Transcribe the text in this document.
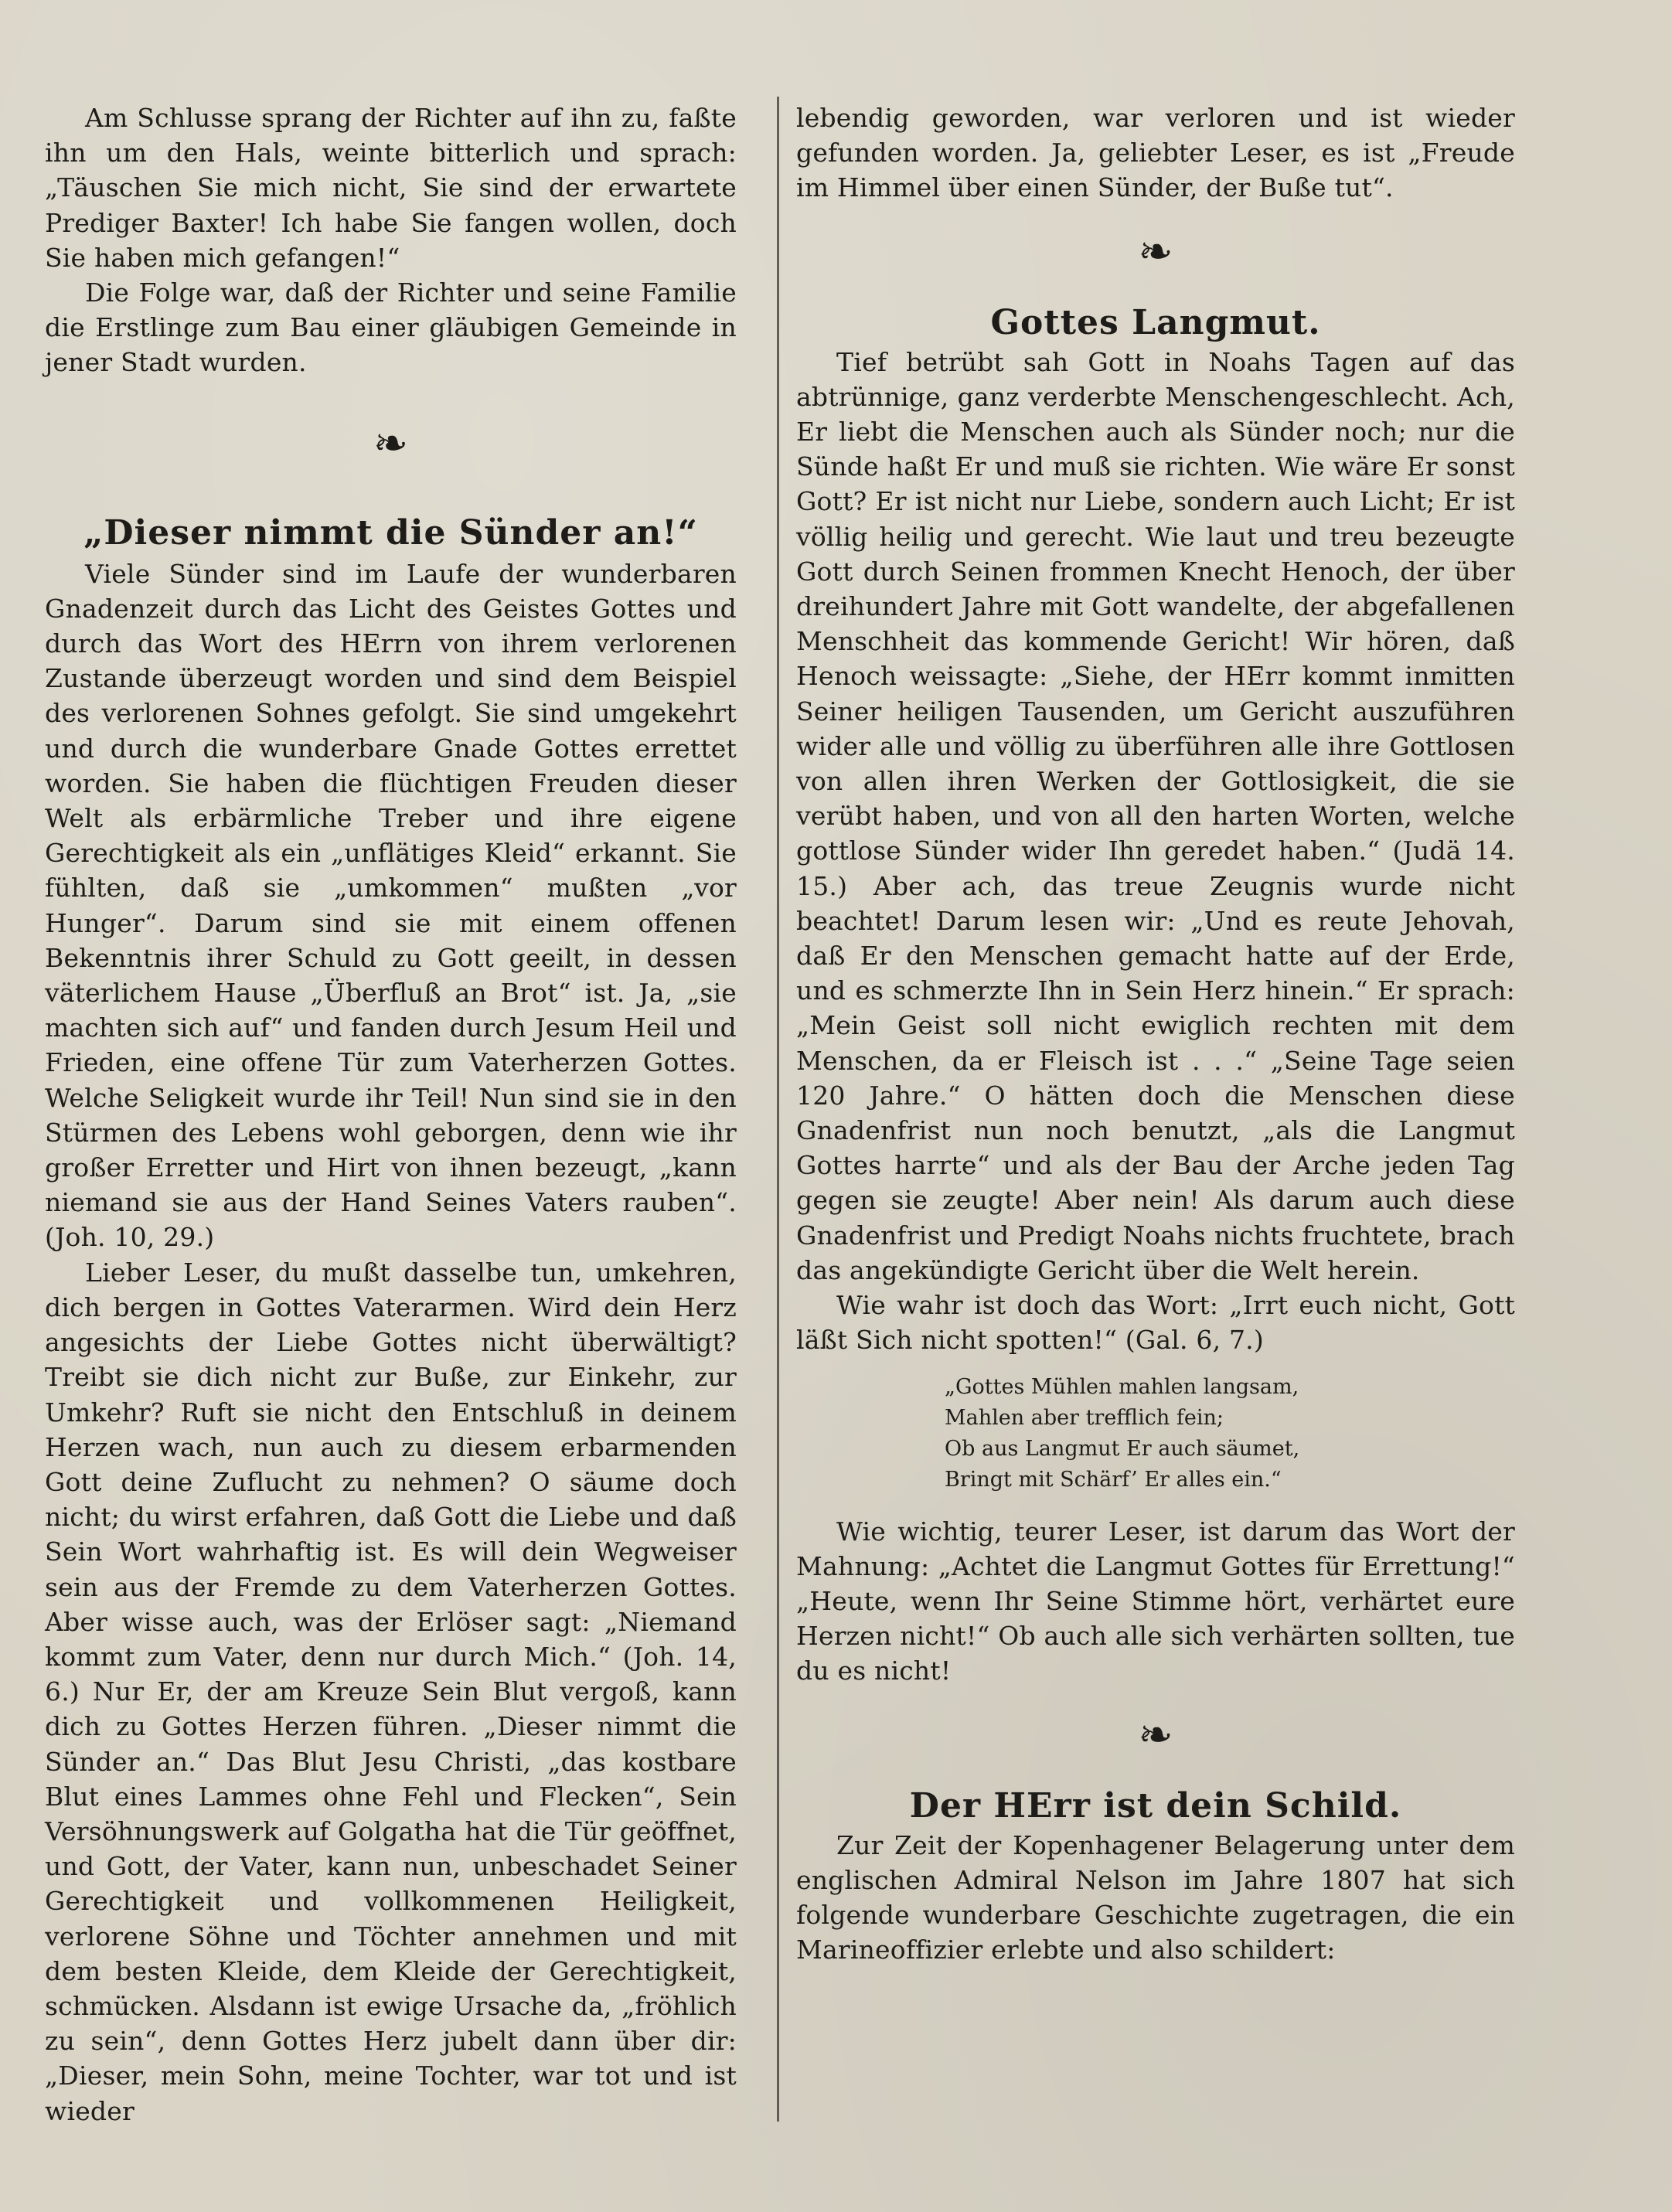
Am Schlusse sprang der Richter auf ihn zu, faßte ihn um den Hals, weinte bitterlich und sprach: „Täuschen Sie mich nicht, Sie sind der erwartete Prediger Baxter! Ich habe Sie fangen wollen, doch Sie haben mich gefangen!“

Die Folge war, daß der Richter und seine Familie die Erstlinge zum Bau einer gläubigen Gemeinde in jener Stadt wurden.

❧
„Dieser nimmt die Sünder an!“

Viele Sünder sind im Laufe der wunderbaren Gnadenzeit durch das Licht des Geistes Gottes und durch das Wort des HErrn von ihrem verlorenen Zustande überzeugt worden und sind dem Beispiel des verlorenen Sohnes gefolgt. Sie sind umgekehrt und durch die wunderbare Gnade Gottes errettet worden. Sie haben die flüchtigen Freuden dieser Welt als erbärmliche Treber und ihre eigene Gerechtigkeit als ein „unflätiges Kleid“ erkannt. Sie fühlten, daß sie „umkommen“ mußten „vor Hunger“. Darum sind sie mit einem offenen Bekenntnis ihrer Schuld zu Gott geeilt, in dessen väterlichem Hause „Überfluß an Brot“ ist. Ja, „sie machten sich auf“ und fanden durch Jesum Heil und Frieden, eine offene Tür zum Vaterherzen Gottes. Welche Seligkeit wurde ihr Teil! Nun sind sie in den Stürmen des Lebens wohl geborgen, denn wie ihr großer Erretter und Hirt von ihnen bezeugt, „kann niemand sie aus der Hand Seines Vaters rauben“. (Joh. 10, 29.)

Lieber Leser, du mußt dasselbe tun, umkehren, dich bergen in Gottes Vaterarmen. Wird dein Herz angesichts der Liebe Gottes nicht überwältigt? Treibt sie dich nicht zur Buße, zur Einkehr, zur Umkehr? Ruft sie nicht den Entschluß in deinem Herzen wach, nun auch zu diesem erbarmenden Gott deine Zuflucht zu nehmen? O säume doch nicht; du wirst erfahren, daß Gott die Liebe und daß Sein Wort wahrhaftig ist. Es will dein Wegweiser sein aus der Fremde zu dem Vaterherzen Gottes. Aber wisse auch, was der Erlöser sagt: „Niemand kommt zum Vater, denn nur durch Mich.“ (Joh. 14, 6.) Nur Er, der am Kreuze Sein Blut vergoß, kann dich zu Gottes Herzen führen. „Dieser nimmt die Sünder an.“ Das Blut Jesu Christi, „das kostbare Blut eines Lammes ohne Fehl und Flecken“, Sein Versöhnungswerk auf Golgatha hat die Tür geöffnet, und Gott, der Vater, kann nun, unbeschadet Seiner Gerechtigkeit und vollkommenen Heiligkeit, verlorene Söhne und Töchter annehmen und mit dem besten Kleide, dem Kleide der Gerechtigkeit, schmücken. Alsdann ist ewige Ursache da, „fröhlich zu sein“, denn Gottes Herz jubelt dann über dir: „Dieser, mein Sohn, meine Tochter, war tot und ist wieder

lebendig geworden, war verloren und ist wieder gefunden worden. Ja, geliebter Leser, es ist „Freude im Himmel über einen Sünder, der Buße tut“.

❧
Gottes Langmut.

Tief betrübt sah Gott in Noahs Tagen auf das abtrünnige, ganz verderbte Menschengeschlecht. Ach, Er liebt die Menschen auch als Sünder noch; nur die Sünde haßt Er und muß sie richten. Wie wäre Er sonst Gott? Er ist nicht nur Liebe, sondern auch Licht; Er ist völlig heilig und gerecht. Wie laut und treu bezeugte Gott durch Seinen frommen Knecht Henoch, der über dreihundert Jahre mit Gott wandelte, der abgefallenen Menschheit das kommende Gericht! Wir hören, daß Henoch weissagte: „Siehe, der HErr kommt inmitten Seiner heiligen Tausenden, um Gericht auszuführen wider alle und völlig zu überführen alle ihre Gottlosen von allen ihren Werken der Gottlosigkeit, die sie verübt haben, und von all den harten Worten, welche gottlose Sünder wider Ihn geredet haben.“ (Judä 14. 15.) Aber ach, das treue Zeugnis wurde nicht beachtet! Darum lesen wir: „Und es reute Jehovah, daß Er den Menschen gemacht hatte auf der Erde, und es schmerzte Ihn in Sein Herz hinein.“ Er sprach: „Mein Geist soll nicht ewiglich rechten mit dem Menschen, da er Fleisch ist . . .“ „Seine Tage seien 120 Jahre.“ O hätten doch die Menschen diese Gnadenfrist nun noch benutzt, „als die Langmut Gottes harrte“ und als der Bau der Arche jeden Tag gegen sie zeugte! Aber nein! Als darum auch diese Gnadenfrist und Predigt Noahs nichts fruchtete, brach das angekündigte Gericht über die Welt herein.

Wie wahr ist doch das Wort: „Irrt euch nicht, Gott läßt Sich nicht spotten!“ (Gal. 6, 7.)

„Gottes Mühlen mahlen langsam,
Mahlen aber trefflich fein;
Ob aus Langmut Er auch säumet,
Bringt mit Schärf’ Er alles ein.“

Wie wichtig, teurer Leser, ist darum das Wort der Mahnung: „Achtet die Langmut Gottes für Errettung!“ „Heute, wenn Ihr Seine Stimme hört, verhärtet eure Herzen nicht!“ Ob auch alle sich verhärten sollten, tue du es nicht!

❧
Der HErr ist dein Schild.

Zur Zeit der Kopenhagener Belagerung unter dem englischen Admiral Nelson im Jahre 1807 hat sich folgende wunderbare Geschichte zugetragen, die ein Marineoffizier erlebte und also schildert:
